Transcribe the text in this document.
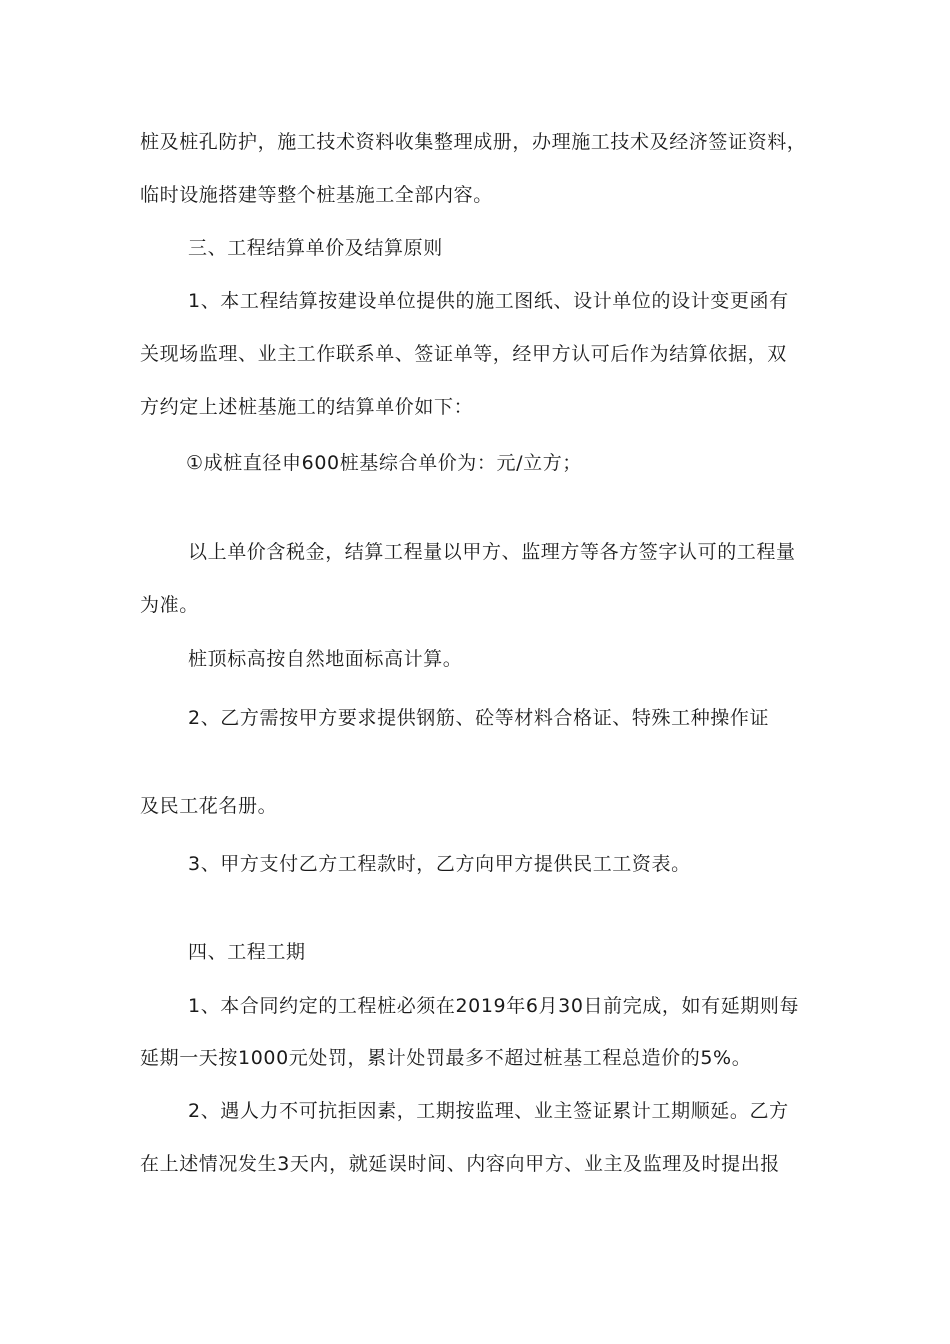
桩及桩孔防护，施工技术资料收集整理成册，办理施工技术及经济签证资料，
临时设施搭建等整个桩基施工全部内容。
三、工程结算单价及结算原则
1、本工程结算按建设单位提供的施工图纸、设计单位的设计变更函有
关现场监理、业主工作联系单、签证单等，经甲方认可后作为结算依据，双
方约定上述桩基施工的结算单价如下：
①成桩直径申600桩基综合单价为：元/立方；
以上单价含税金，结算工程量以甲方、监理方等各方签字认可的工程量
为准。
桩顶标高按自然地面标高计算。
2、乙方需按甲方要求提供钢筋、砼等材料合格证、特殊工种操作证
及民工花名册。
3、甲方支付乙方工程款时，乙方向甲方提供民工工资表。
四、工程工期
1、本合同约定的工程桩必须在2019年6月30日前完成，如有延期则每
延期一天按1000元处罚，累计处罚最多不超过桩基工程总造价的5%。
2、遇人力不可抗拒因素，工期按监理、业主签证累计工期顺延。乙方
在上述情况发生3天内，就延误时间、内容向甲方、业主及监理及时提出报
